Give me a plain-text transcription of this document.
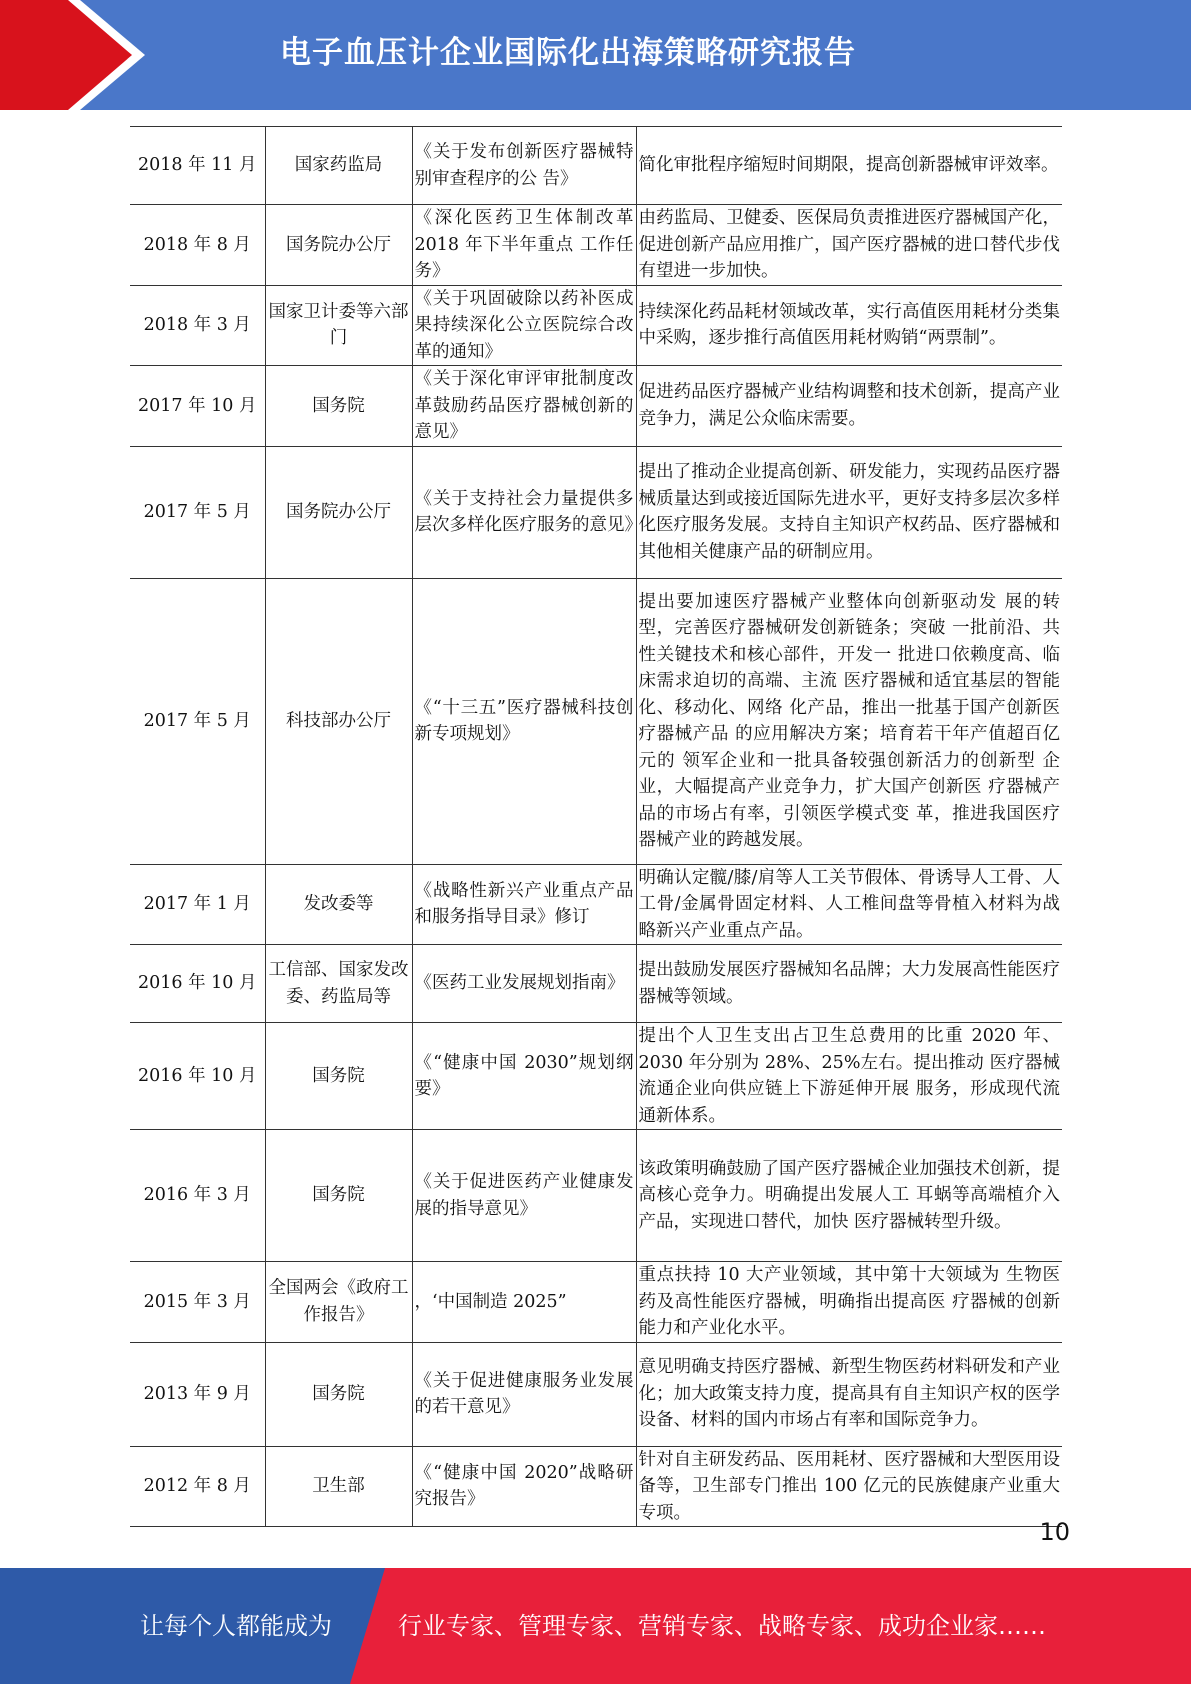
电子血压计企业国际化出海策略研究报告
2018 年 11 月	国家药监局	《关于发布创新医疗器械特别审查程序的公 告》	简化审批程序缩短时间期限，提高创新器械审评效率。
2018 年 8 月	国务院办公厅	《深化医药卫生体制改革 2018 年下半年重点 工作任务》	由药监局、卫健委、医保局负责推进医疗器械国产化，促进创新产品应用推广，国产医疗器械的进口替代步伐有望进一步加快。
2018 年 3 月	国家卫计委等六部门	《关于巩固破除以药补医成果持续深化公立医院综合改革的通知》	持续深化药品耗材领域改革，实行高值医用耗材分类集中采购，逐步推行高值医用耗材购销“两票制”。
2017 年 10 月	国务院	《关于深化审评审批制度改革鼓励药品医疗器械创新的意见》	促进药品医疗器械产业结构调整和技术创新，提高产业竞争力，满足公众临床需要。
2017 年 5 月	国务院办公厅	《关于支持社会力量提供多层次多样化医疗服务的意见》	提出了推动企业提高创新、研发能力，实现药品医疗器械质量达到或接近国际先进水平，更好支持多层次多样化医疗服务发展。支持自主知识产权药品、医疗器械和其他相关健康产品的研制应用。
2017 年 5 月	科技部办公厅	《“十三五”医疗器械科技创新专项规划》	提出要加速医疗器械产业整体向创新驱动发 展的转型，完善医疗器械研发创新链条；突破 一批前沿、共性关键技术和核心部件，开发一 批进口依赖度高、临床需求迫切的高端、主流 医疗器械和适宜基层的智能化、移动化、网络 化产品，推出一批基于国产创新医疗器械产品 的应用解决方案；培育若干年产值超百亿元的 领军企业和一批具备较强创新活力的创新型 企业，大幅提高产业竞争力，扩大国产创新医 疗器械产品的市场占有率，引领医学模式变 革，推进我国医疗器械产业的跨越发展。
2017 年 1 月	发改委等	《战略性新兴产业重点产品和服务指导目录》修订	明确认定髋/膝/肩等人工关节假体、骨诱导人工骨、人工骨/金属骨固定材料、人工椎间盘等骨植入材料为战略新兴产业重点产品。
2016 年 10 月	工信部、国家发改委、药监局等	《医药工业发展规划指南》	提出鼓励发展医疗器械知名品牌；大力发展高性能医疗器械等领域。
2016 年 10 月	国务院	《“健康中国 2030”规划纲要》	提出个人卫生支出占卫生总费用的比重 2020 年、2030 年分别为 28%、25%左右。提出推动 医疗器械流通企业向供应链上下游延伸开展 服务，形成现代流通新体系。
2016 年 3 月	国务院	《关于促进医药产业健康发展的指导意见》	该政策明确鼓励了国产医疗器械企业加强技术创新，提高核心竞争力。明确提出发展人工 耳蜗等高端植介入产品，实现进口替代，加快 医疗器械转型升级。
2015 年 3 月	全国两会《政府工作报告》	，‘中国制造 2025”	重点扶持 10 大产业领域，其中第十大领域为 生物医药及高性能医疗器械，明确指出提高医 疗器械的创新能力和产业化水平。
2013 年 9 月	国务院	《关于促进健康服务业发展的若干意见》	意见明确支持医疗器械、新型生物医药材料研发和产业化；加大政策支持力度，提高具有自主知识产权的医学设备、材料的国内市场占有率和国际竞争力。
2012 年 8 月	卫生部	《“健康中国 2020”战略研究报告》	针对自主研发药品、医用耗材、医疗器械和大型医用设备等，卫生部专门推出 100 亿元的民族健康产业重大专项。
10
让每个人都能成为	行业专家、管理专家、营销专家、战略专家、成功企业家……
